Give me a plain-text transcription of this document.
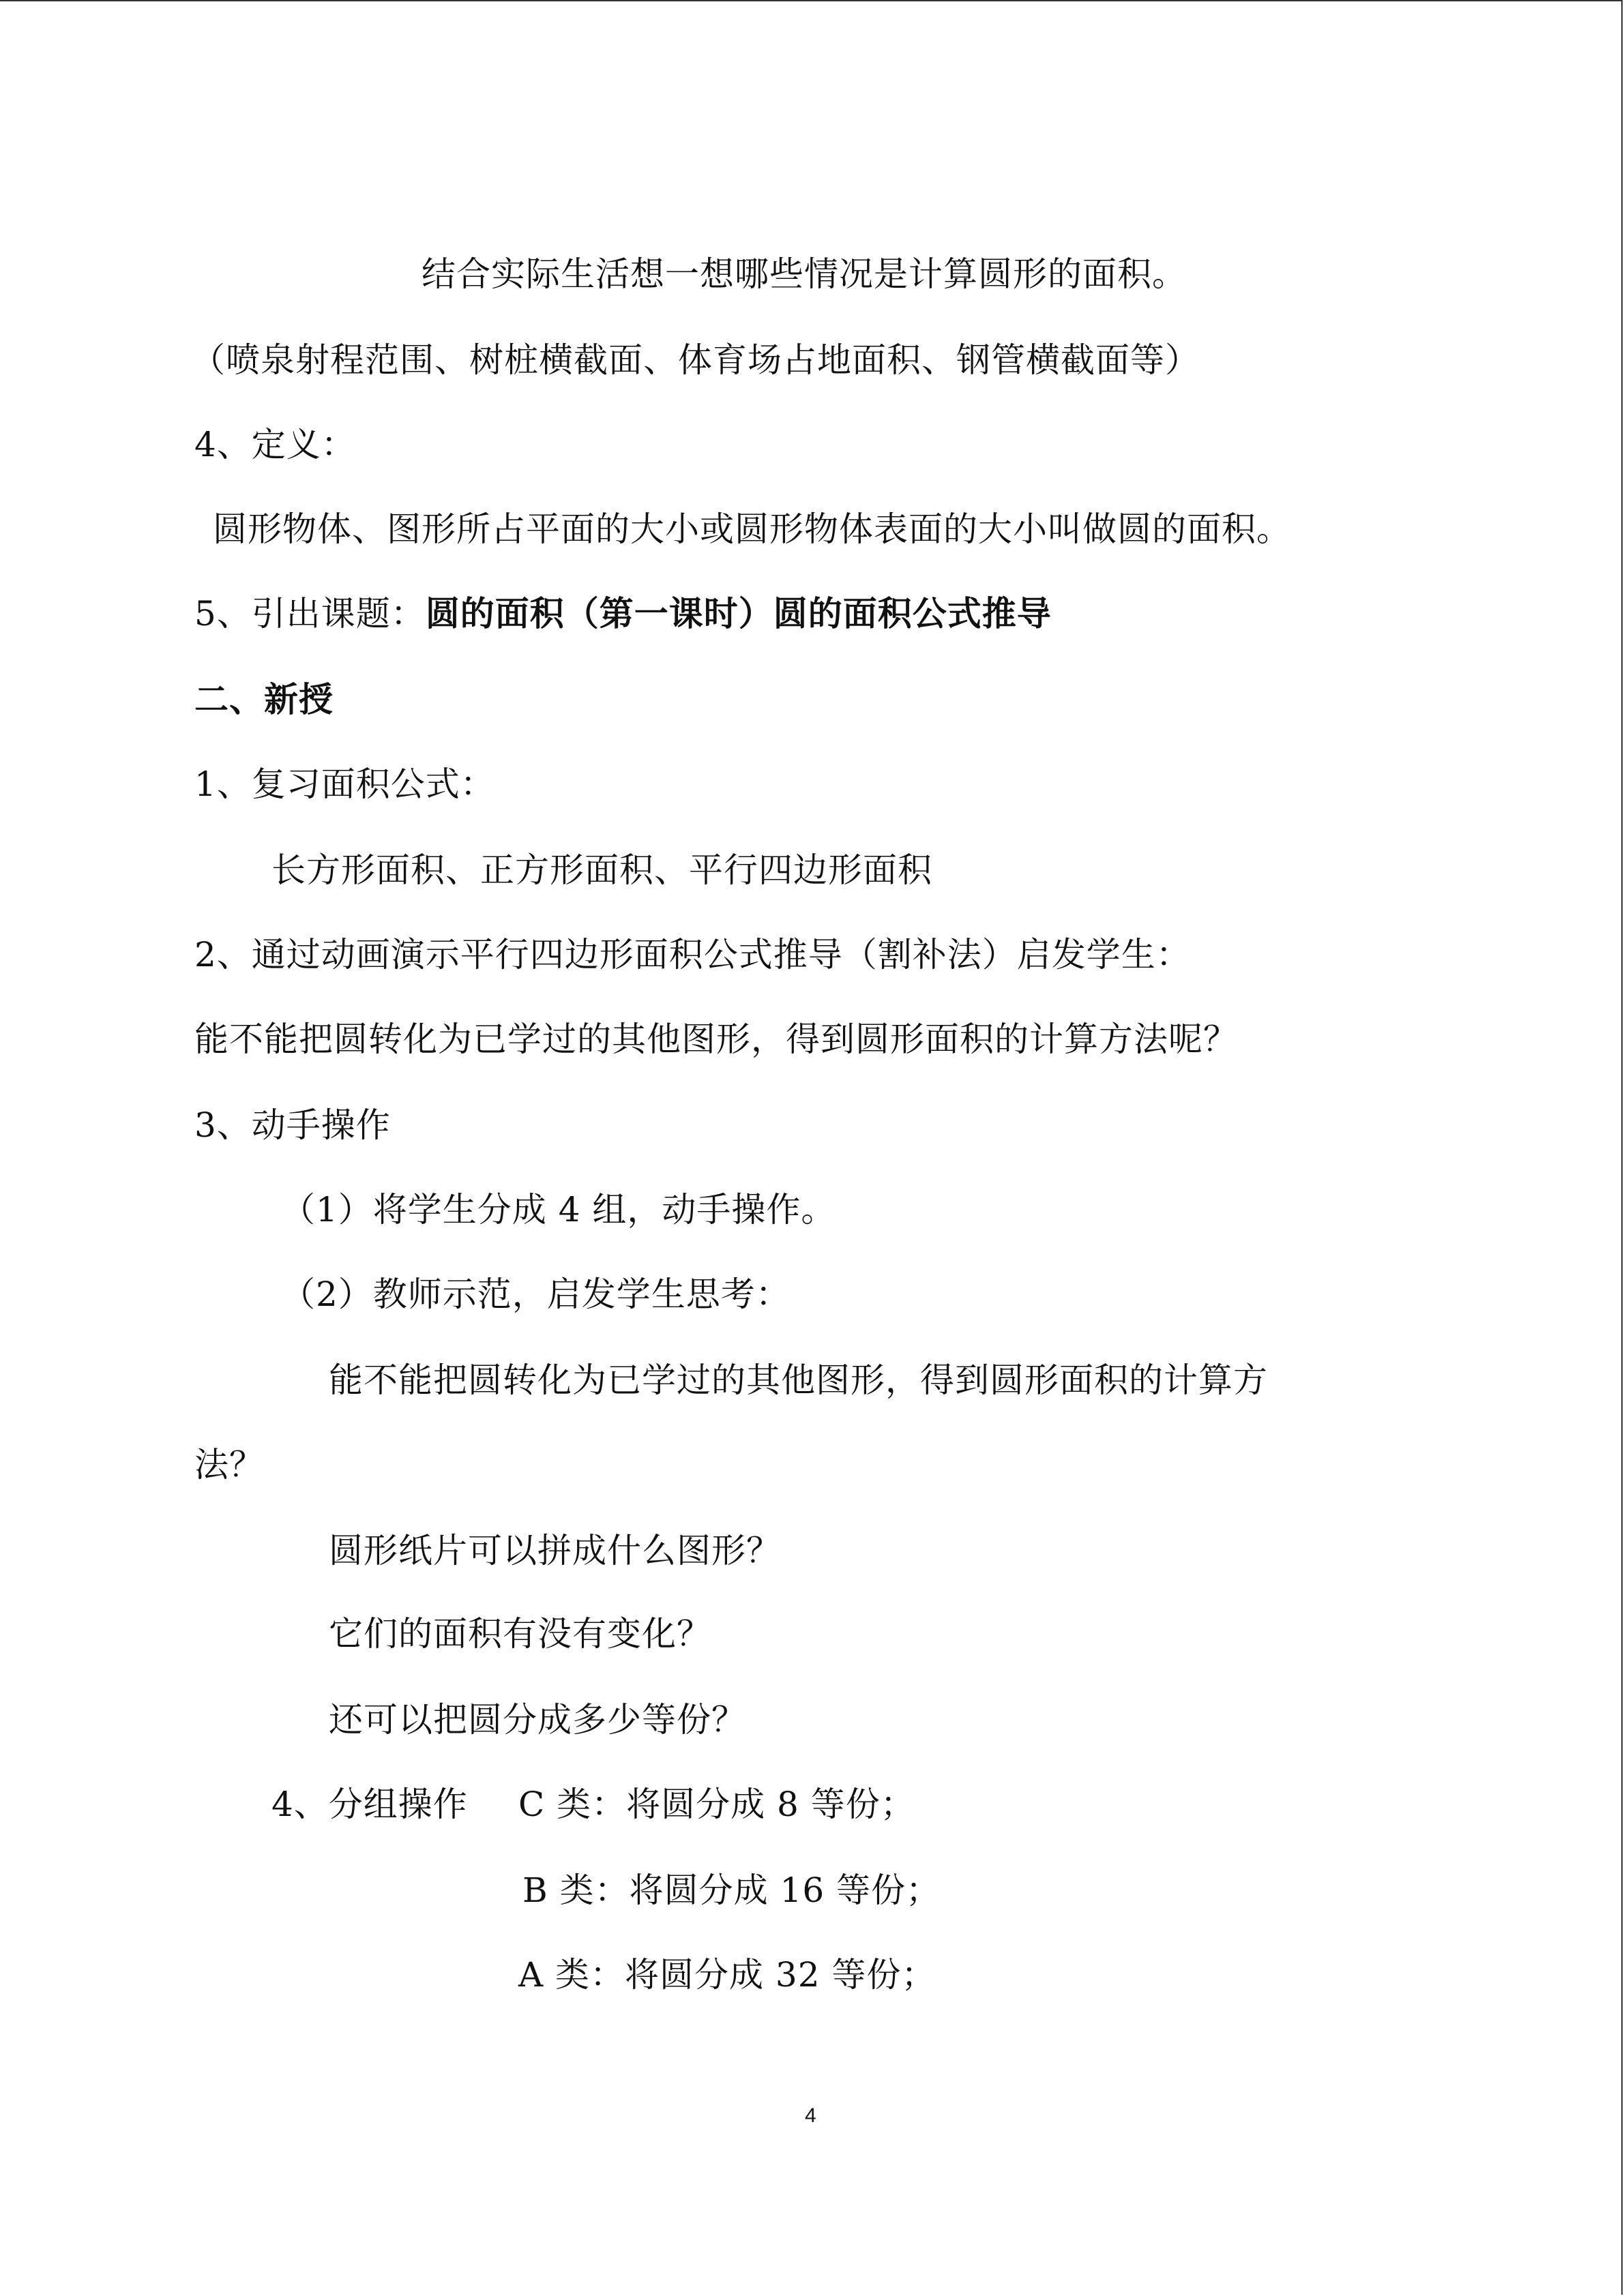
结合实际生活想一想哪些情况是计算圆形的面积。
（喷泉射程范围、树桩横截面、体育场占地面积、钢管横截面等）
4、定义：
圆形物体、图形所占平面的大小或圆形物体表面的大小叫做圆的面积。
5、引出课题：圆的面积（第一课时）圆的面积公式推导
二、新授
1、复习面积公式：
长方形面积、正方形面积、平行四边形面积
2、通过动画演示平行四边形面积公式推导（割补法）启发学生：
能不能把圆转化为已学过的其他图形，得到圆形面积的计算方法呢？
3、动手操作
（1）将学生分成 4 组，动手操作。
（2）教师示范，启发学生思考：
能不能把圆转化为已学过的其他图形，得到圆形面积的计算方
法？
圆形纸片可以拼成什么图形？
它们的面积有没有变化？
还可以把圆分成多少等份？
4、分组操作 C 类：将圆分成 8 等份；
B 类：将圆分成 16 等份；
A 类：将圆分成 32 等份；
4
